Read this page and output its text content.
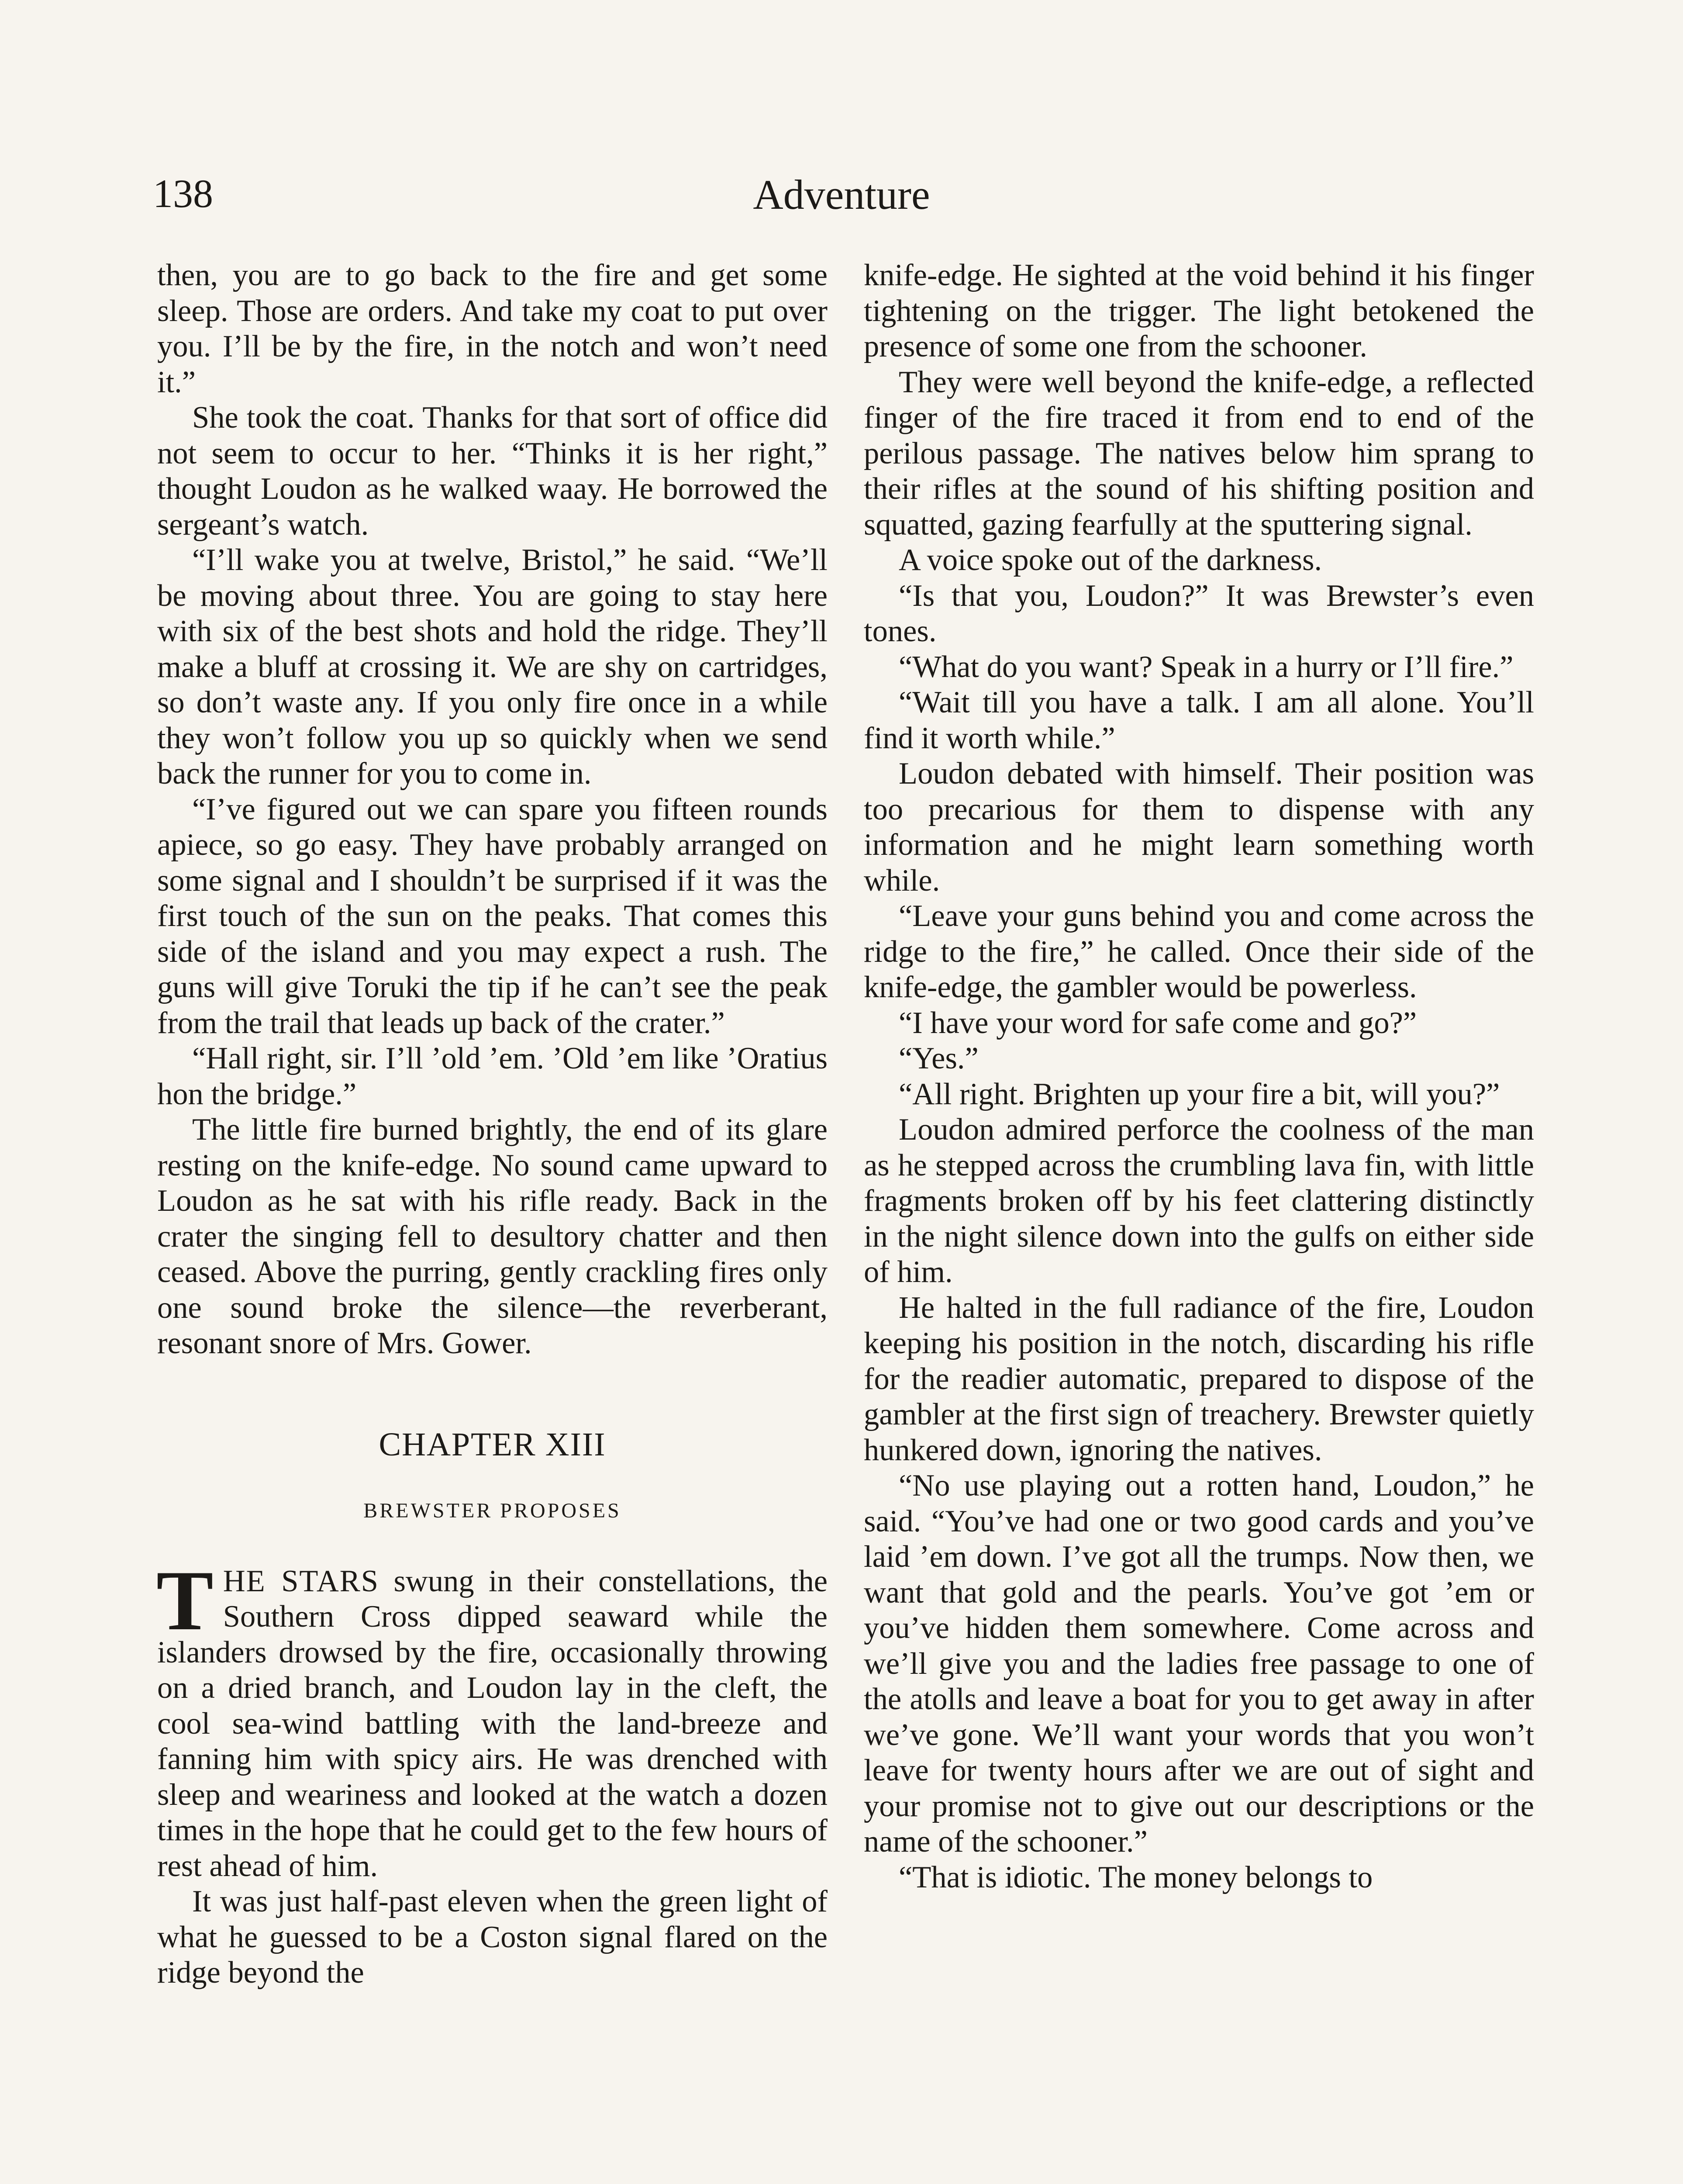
138	Adventure

then, you are to go back to the fire and get some sleep. Those are orders. And take my coat to put over you. I’ll be by the fire, in the notch and won’t need it.”

She took the coat. Thanks for that sort of office did not seem to occur to her. “Thinks it is her right,” thought Loudon as he walked waay. He borrowed the sergeant’s watch.

“I’ll wake you at twelve, Bristol,” he said. “We’ll be moving about three. You are going to stay here with six of the best shots and hold the ridge. They’ll make a bluff at crossing it. We are shy on cartridges, so don’t waste any. If you only fire once in a while they won’t follow you up so quickly when we send back the runner for you to come in.

“I’ve figured out we can spare you fifteen rounds apiece, so go easy. They have probably arranged on some signal and I shouldn’t be surprised if it was the first touch of the sun on the peaks. That comes this side of the island and you may expect a rush. The guns will give Toruki the tip if he can’t see the peak from the trail that leads up back of the crater.”

“Hall right, sir. I’ll ’old ’em. ’Old ’em like ’Oratius hon the bridge.”

The little fire burned brightly, the end of its glare resting on the knife-edge. No sound came upward to Loudon as he sat with his rifle ready. Back in the crater the singing fell to desultory chatter and then ceased. Above the purring, gently crackling fires only one sound broke the silence—the reverberant, resonant snore of Mrs. Gower.

CHAPTER XIII
BREWSTER PROPOSES

THE STARS swung in their constellations, the Southern Cross dipped seaward while the islanders drowsed by the fire, occasionally throwing on a dried branch, and Loudon lay in the cleft, the cool sea-wind battling with the land-breeze and fanning him with spicy airs. He was drenched with sleep and weariness and looked at the watch a dozen times in the hope that he could get to the few hours of rest ahead of him.

It was just half-past eleven when the green light of what he guessed to be a Coston signal flared on the ridge beyond the

knife-edge. He sighted at the void behind it his finger tightening on the trigger. The light betokened the presence of some one from the schooner.

They were well beyond the knife-edge, a reflected finger of the fire traced it from end to end of the perilous passage. The natives below him sprang to their rifles at the sound of his shifting position and squatted, gazing fearfully at the sputtering signal.

A voice spoke out of the darkness.

“Is that you, Loudon?” It was Brewster’s even tones.

“What do you want? Speak in a hurry or I’ll fire.”

“Wait till you have a talk. I am all alone. You’ll find it worth while.”

Loudon debated with himself. Their position was too precarious for them to dispense with any information and he might learn something worth while.

“Leave your guns behind you and come across the ridge to the fire,” he called. Once their side of the knife-edge, the gambler would be powerless.

“I have your word for safe come and go?”

“Yes.”

“All right. Brighten up your fire a bit, will you?”

Loudon admired perforce the coolness of the man as he stepped across the crumbling lava fin, with little fragments broken off by his feet clattering distinctly in the night silence down into the gulfs on either side of him.

He halted in the full radiance of the fire, Loudon keeping his position in the notch, discarding his rifle for the readier automatic, prepared to dispose of the gambler at the first sign of treachery. Brewster quietly hunkered down, ignoring the natives.

“No use playing out a rotten hand, Loudon,” he said. “You’ve had one or two good cards and you’ve laid ’em down. I’ve got all the trumps. Now then, we want that gold and the pearls. You’ve got ’em or you’ve hidden them somewhere. Come across and we’ll give you and the ladies free passage to one of the atolls and leave a boat for you to get away in after we’ve gone. We’ll want your words that you won’t leave for twenty hours after we are out of sight and your promise not to give out our descriptions or the name of the schooner.”

“That is idiotic. The money belongs to
